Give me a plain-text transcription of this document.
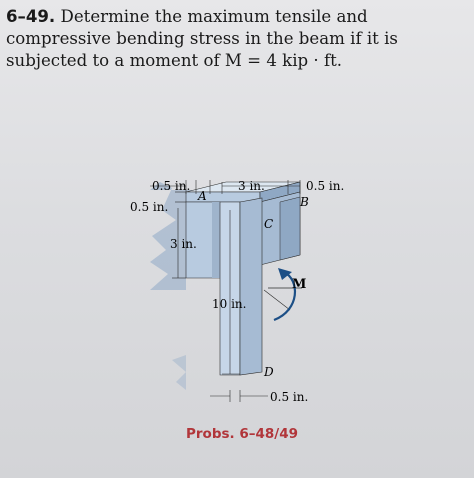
6–49. Determine the maximum tensile and compressive bending stress in the beam if it is subjected to a moment of M = 4 kip · ft.
0.5 in.	3 in.	0.5 in.
0.5 in.
3 in.
10 in.
0.5 in.
A	B
C
D
M
Probs. 6–48/49
